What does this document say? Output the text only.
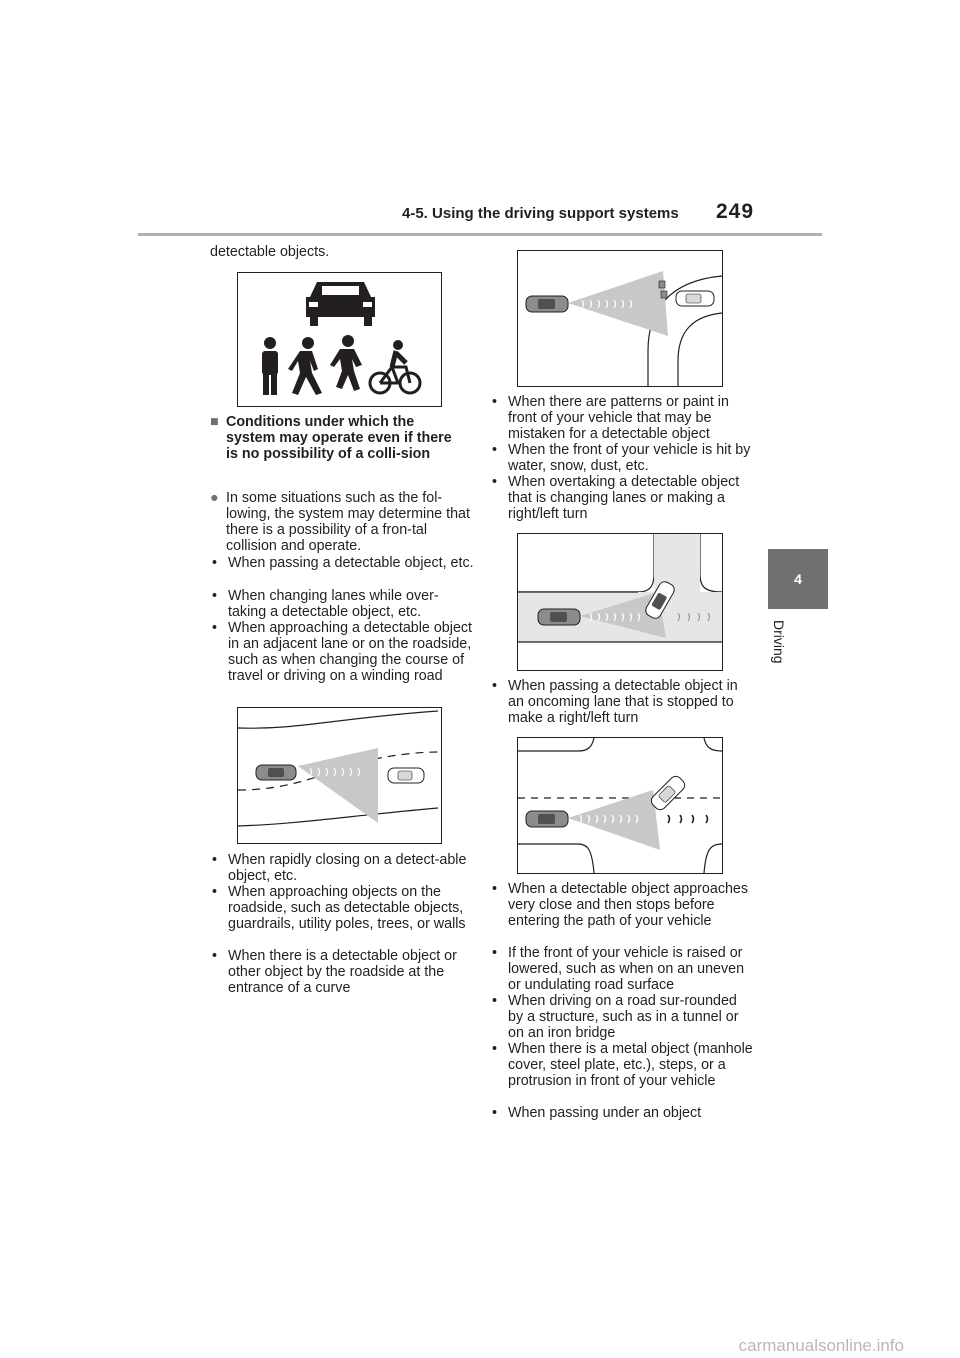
4-5. Using the driving support systems 249
4
Driving
detectable objects.
■ Conditions under which the system may operate even if there is no possibility of a colli-sion
● In some situations such as the fol-lowing, the system may determine that there is a possibility of a fron-tal collision and operate.
• When passing a detectable object, etc.
• When changing lanes while over-taking a detectable object, etc.
• When approaching a detectable object in an adjacent lane or on the roadside, such as when changing the course of travel or driving on a winding road
• When rapidly closing on a detect-able object, etc.
• When approaching objects on the roadside, such as detectable objects, guardrails, utility poles, trees, or walls
• When there is a detectable object or other object by the roadside at the entrance of a curve
• When there are patterns or paint in front of your vehicle that may be mistaken for a detectable object
• When the front of your vehicle is hit by water, snow, dust, etc.
• When overtaking a detectable object that is changing lanes or making a right/left turn
• When passing a detectable object in an oncoming lane that is stopped to make a right/left turn
• When a detectable object approaches very close and then stops before entering the path of your vehicle
• If the front of your vehicle is raised or lowered, such as when on an uneven or undulating road surface
• When driving on a road sur-rounded by a structure, such as in a tunnel or on an iron bridge
• When there is a metal object (manhole cover, steel plate, etc.), steps, or a protrusion in front of your vehicle
• When passing under an object
carmanualsonline.info
